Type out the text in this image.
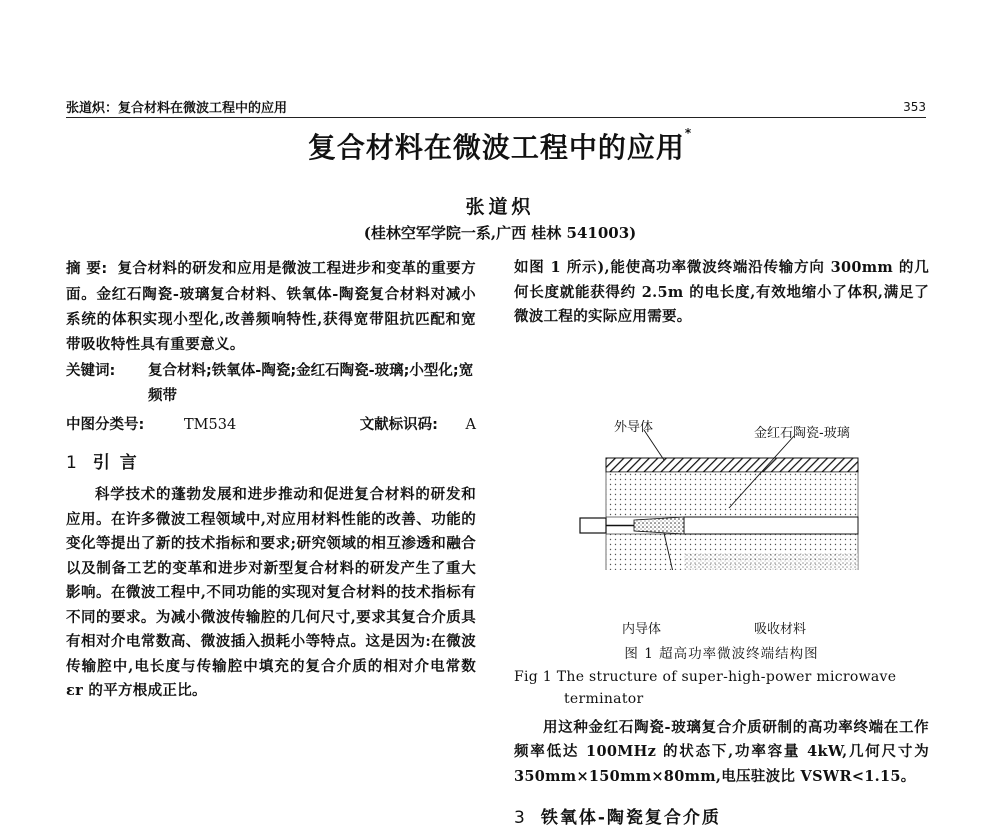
张道炽：复合材料在微波工程中的应用	353
复合材料在微波工程中的应用*
张道炽
(桂林空军学院一系,广西 桂林 541003)
摘 要: 复合材料的研发和应用是微波工程进步和变革的重要方面。金红石陶瓷-玻璃复合材料、铁氧体-陶瓷复合材料对减小系统的体积实现小型化,改善频响特性,获得宽带阻抗匹配和宽带吸收特性具有重要意义。
关键词: 复合材料;铁氧体-陶瓷;金红石陶瓷-玻璃;小型化;宽频带
中图分类号:	TM534	文献标识码: A
1 引 言
科学技术的蓬勃发展和进步推动和促进复合材料的研发和应用。在许多微波工程领域中,对应用材料性能的改善、功能的变化等提出了新的技术指标和要求;研究领域的相互渗透和融合以及制备工艺的变革和进步对新型复合材料的研发产生了重大影响。在微波工程中,不同功能的实现对复合材料的技术指标有不同的要求。为减小微波传输腔的几何尺寸,要求其复合介质具有相对介电常数高、微波插入损耗小等特点。这是因为:在微波传输腔中,电长度与传输腔中填充的复合介质的相对介电常数 εr 的平方根成正比。
如图 1 所示),能使高功率微波终端沿传输方向 300mm 的几何长度就能获得约 2.5m 的电长度,有效地缩小了体积,满足了微波工程的实际应用需要。
外导体	金红石陶瓷-玻璃
内导体	吸收材料
图 1 超高功率微波终端结构图
Fig 1 The structure of super-high-power microwave terminator
用这种金红石陶瓷-玻璃复合介质研制的高功率终端在工作频率低达 100MHz 的状态下,功率容量 4kW,几何尺寸为 350mm×150mm×80mm,电压驻波比 VSWR<1.15。
3 铁氧体-陶瓷复合介质
